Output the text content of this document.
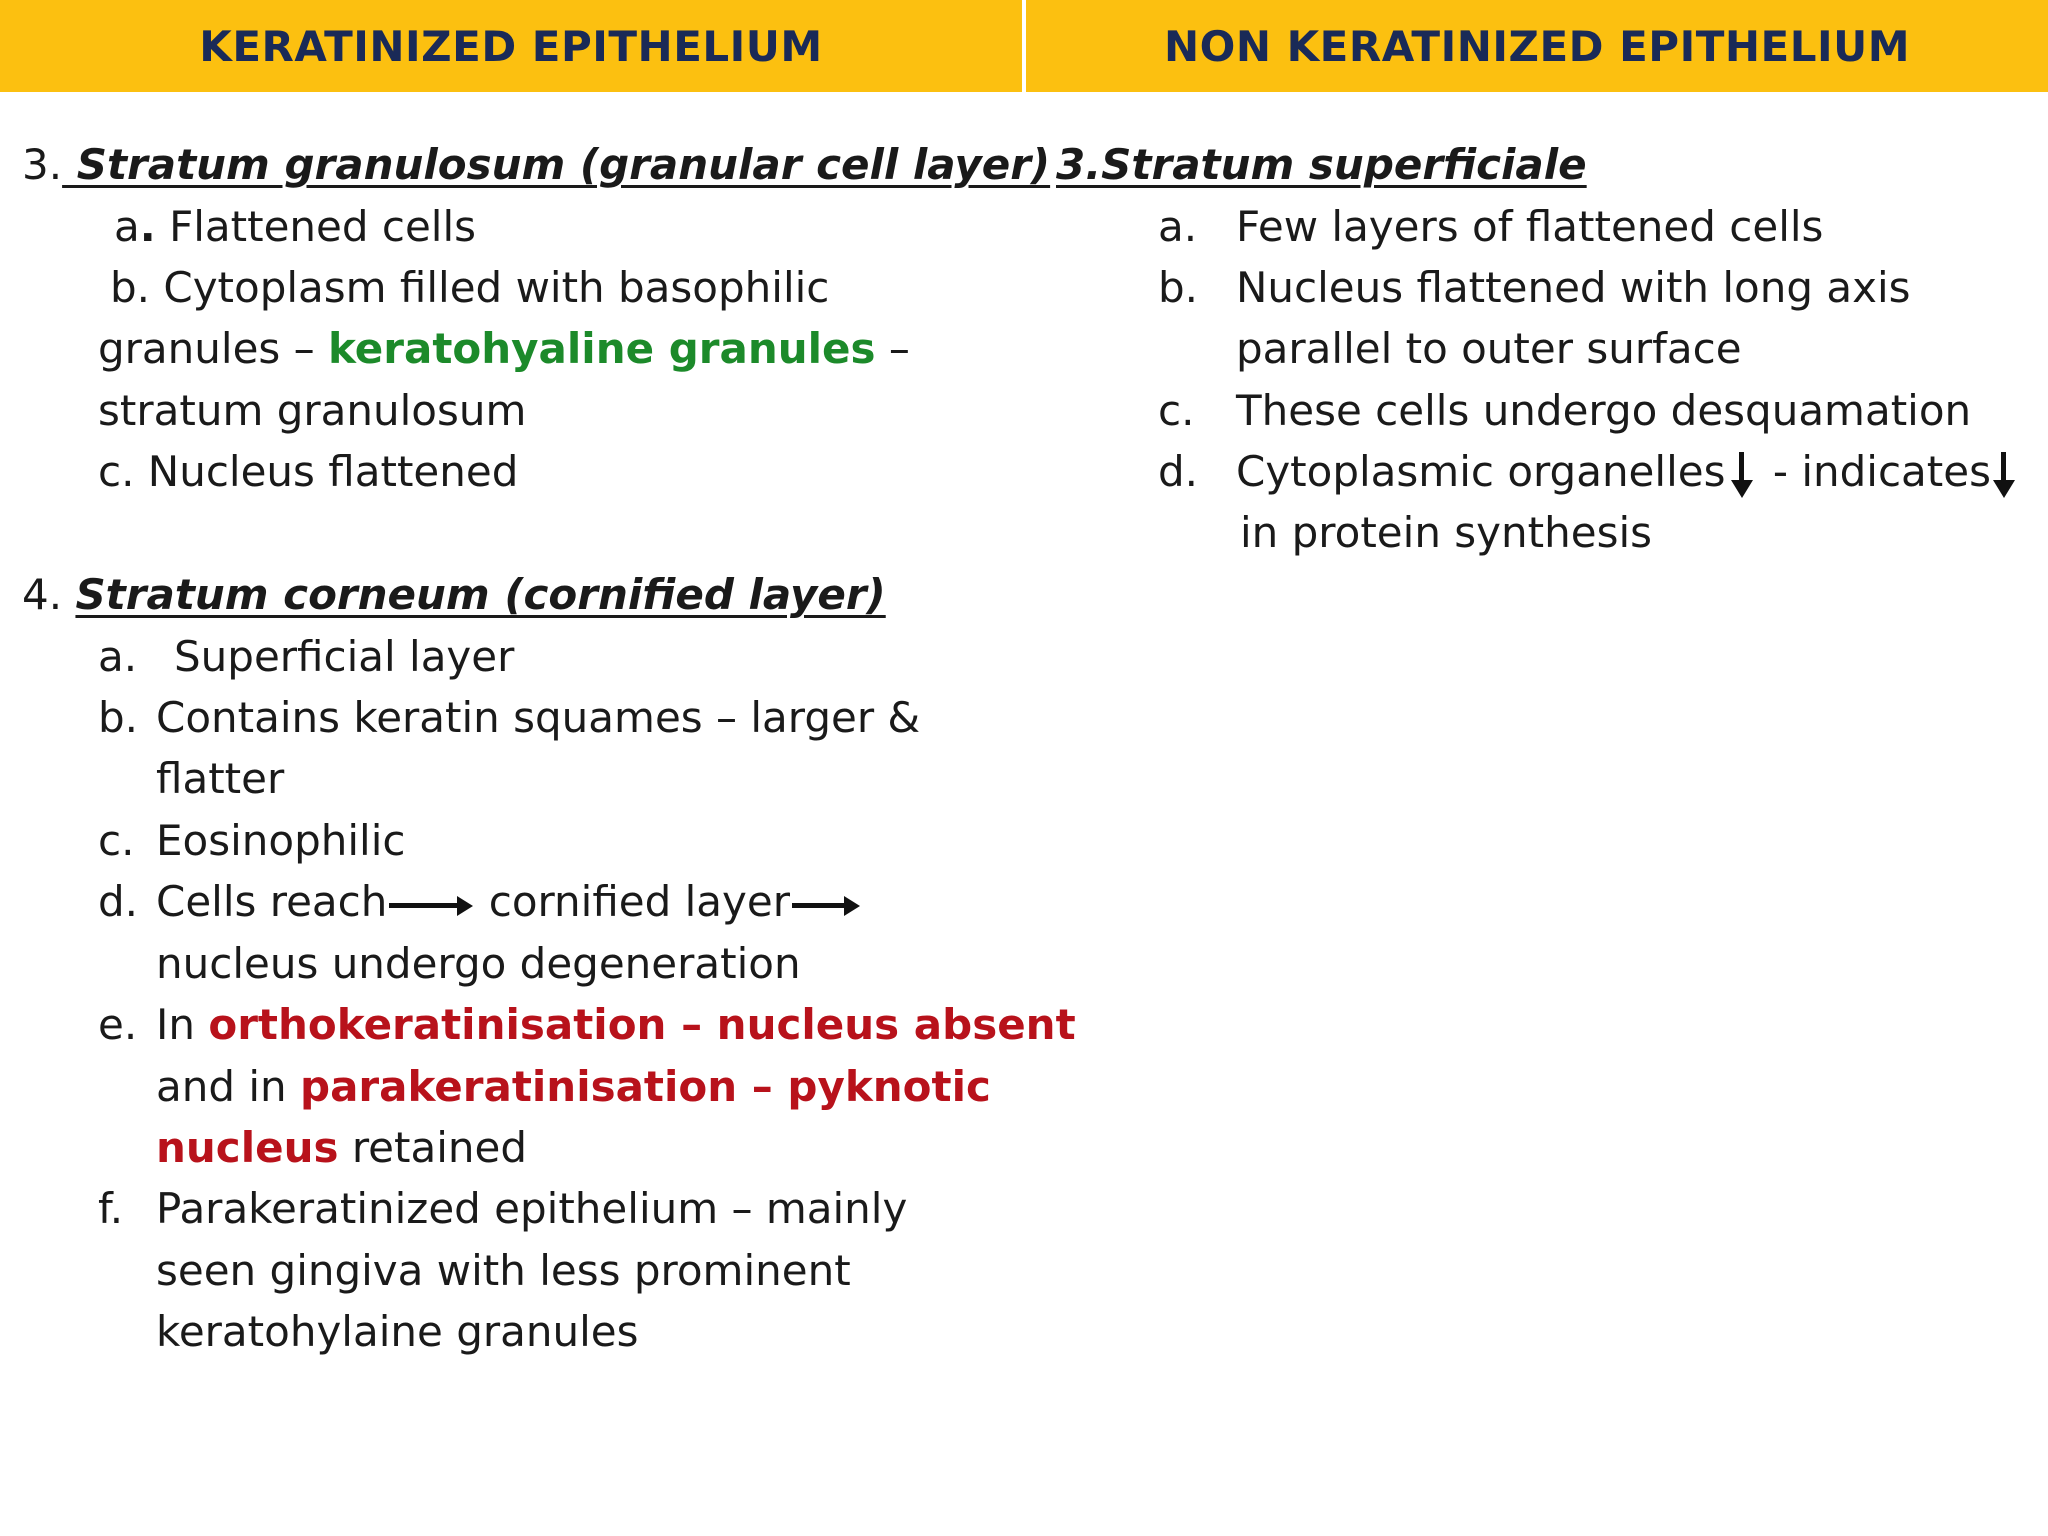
KERATINIZED EPITHELIUM	NON KERATINIZED EPITHELIUM
3. Stratum granulosum (granular cell layer)
a. Flattened cells
b. Cytoplasm filled with basophilic
granules – keratohyaline granules –
stratum granulosum
c. Nucleus flattened
4. Stratum corneum (cornified layer)
a. Superficial layer
b. Contains keratin squames – larger &
flatter
c. Eosinophilic
d. Cells reach cornified layer
nucleus undergo degeneration
e. In orthokeratinisation – nucleus absent
and in parakeratinisation – pyknotic
nucleus retained
f. Parakeratinized epithelium – mainly
seen gingiva with less prominent
keratohylaine granules
3.Stratum superficiale
a. Few layers of flattened cells
b. Nucleus flattened with long axis
parallel to outer surface
c. These cells undergo desquamation
d. Cytoplasmic organelles - indicates
in protein synthesis
